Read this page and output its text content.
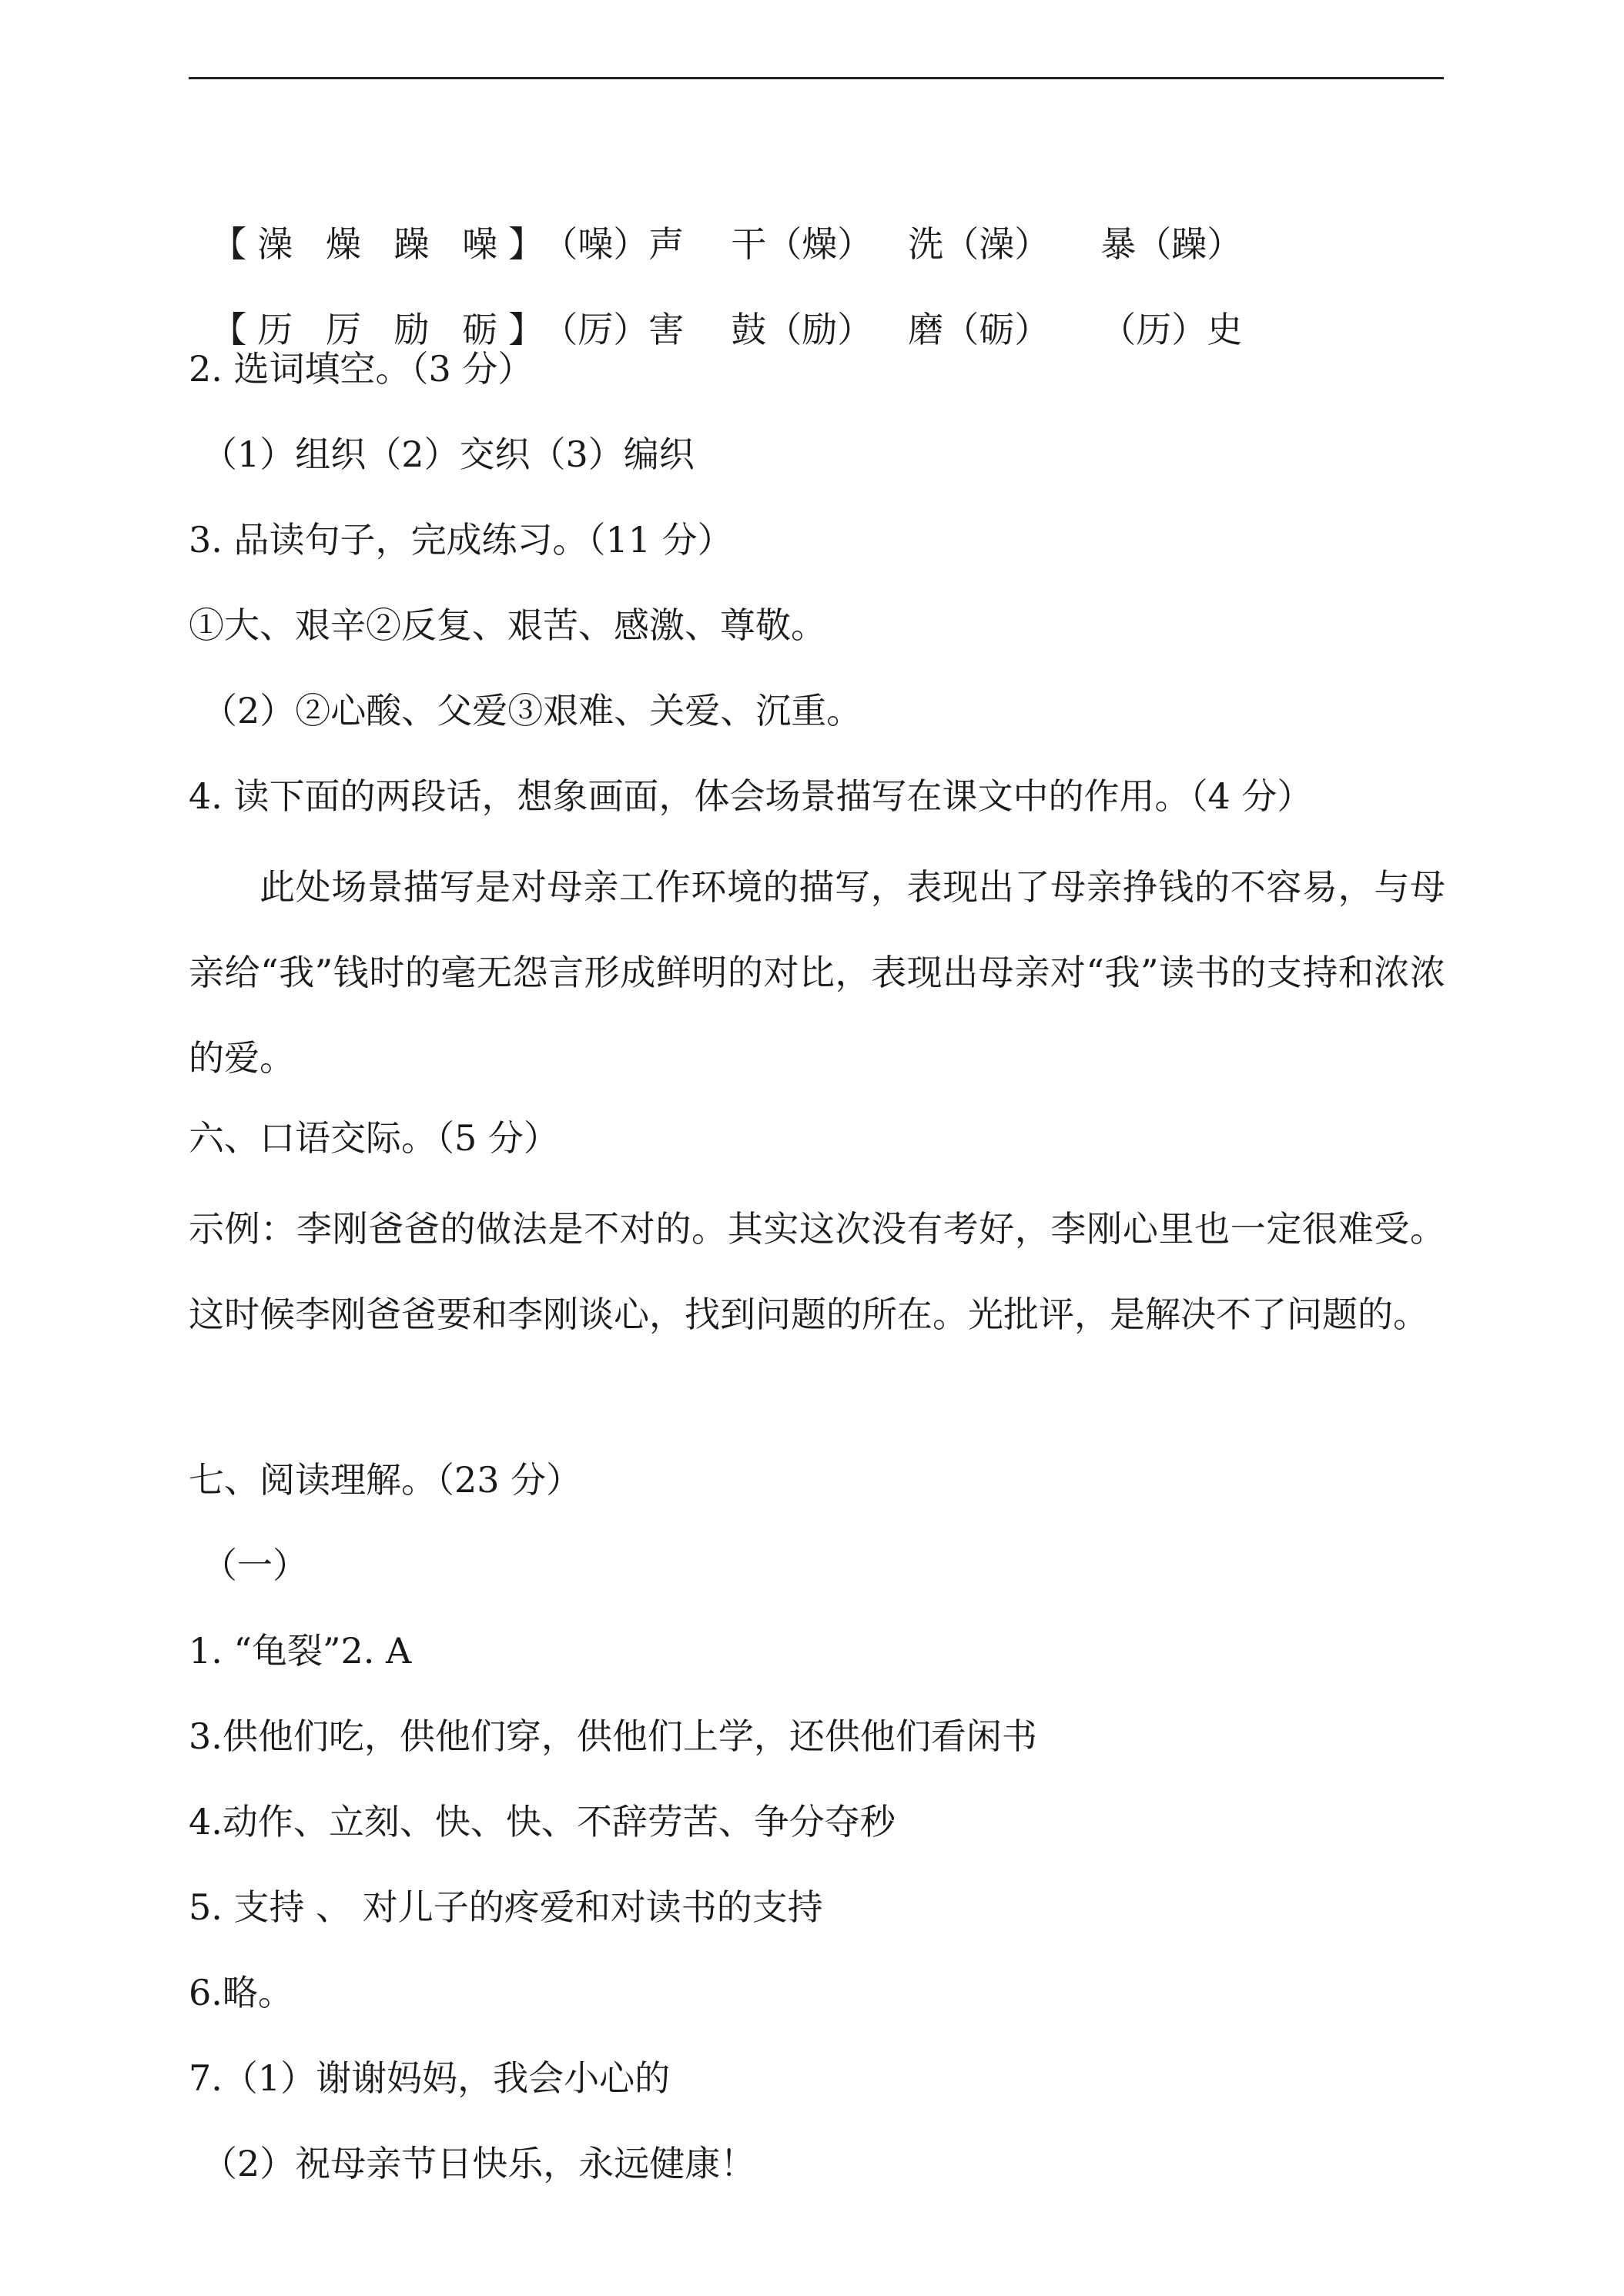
【澡 燥 躁 噪】（噪）声 干（燥） 洗（澡） 暴（躁）

【历 厉 励 砺】（厉）害 鼓（励） 磨（砺） （历）史

2. 选词填空。（3 分）
（1）组织（2）交织（3）编织
3. 品读句子，完成练习。（11 分）
①大、艰辛②反复、艰苦、感激、尊敬。
（2）②心酸、父爱③艰难、关爱、沉重。
4. 读下面的两段话，想象画面，体会场景描写在课文中的作用。（4 分）

此处场景描写是对母亲工作环境的描写，表现出了母亲挣钱的不容易，与母亲给“我”钱时的毫无怨言形成鲜明的对比，表现出母亲对“我”读书的支持和浓浓的爱。

六、口语交际。（5 分）

示例：李刚爸爸的做法是不对的。其实这次没有考好，李刚心里也一定很难受。这时候李刚爸爸要和李刚谈心，找到问题的所在。光批评，是解决不了问题的。

七、阅读理解。（23 分）
（一）
1. “龟裂”2. A
3.供他们吃，供他们穿，供他们上学，还供他们看闲书
4.动作、立刻、快、快、不辞劳苦、争分夺秒
5. 支持 、 对儿子的疼爱和对读书的支持
6.略。
7.（1）谢谢妈妈，我会小心的
（2）祝母亲节日快乐，永远健康！
